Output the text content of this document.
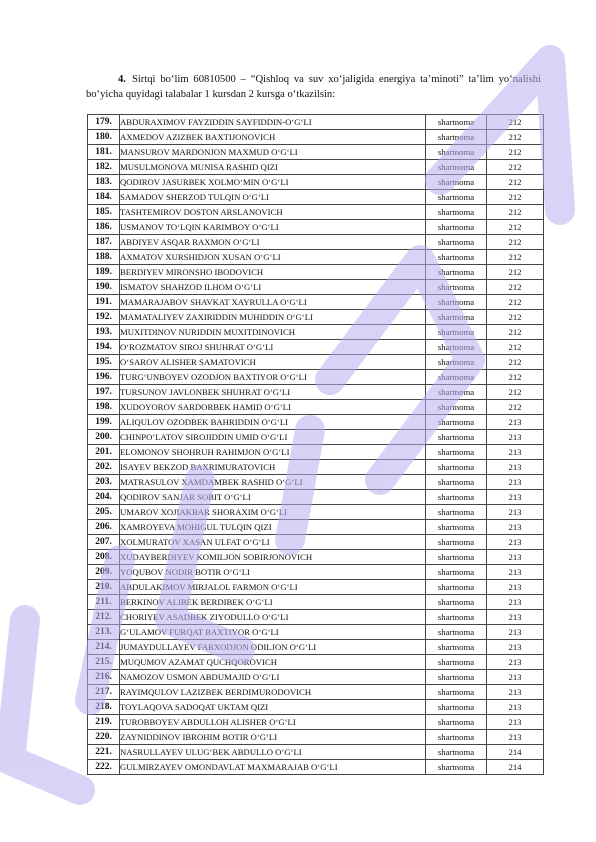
4. Sirtqi bo‘lim 60810500 – “Qishloq va suv xo‘jaligida energiya ta’minoti” ta’lim yo‘nalishi bo‘yicha quyidagi talabalar 1 kursdan 2 kursga o‘tkazilsin:
179.	ABDURAXIMOV FAYZIDDIN SAYFIDDIN-O‘G‘LI	shartnoma	212
180.	AXMEDOV AZIZBEK BAXTIJONOVICH	shartnoma	212
181.	MANSUROV MARDONJON MAXMUD O‘G‘LI	shartnoma	212
182.	MUSULMONOVA MUNISA RASHID QIZI	shartnoma	212
183.	QODIROV JASURBEK XOLMO‘MIN O‘G‘LI	shartnoma	212
184.	SAMADOV SHERZOD TULQIN O‘G‘LI	shartnoma	212
185.	TASHTEMIROV DOSTON ARSLANOVICH	shartnoma	212
186.	USMANOV TO‘LQIN KARIMBOY O‘G‘LI	shartnoma	212
187.	ABDIYEV ASQAR RAXMON O‘G‘LI	shartnoma	212
188.	AXMATOV XURSHIDJON XUSAN O‘G‘LI	shartnoma	212
189.	BERDIYEV MIRONSHO IBODOVICH	shartnoma	212
190.	ISMATOV SHAHZOD ILHOM O‘G‘LI	shartnoma	212
191.	MAMARAJABOV SHAVKAT XAYRULLA O‘G‘LI	shartnoma	212
192.	MAMATALIYEV ZAXIRIDDIN MUHIDDIN O‘G‘LI	shartnoma	212
193.	MUXITDINOV NURIDDIN MUXITDINOVICH	shartnoma	212
194.	O‘ROZMATOV SIROJ SHUHRAT O‘G‘LI	shartnoma	212
195.	O‘SAROV ALISHER SAMATOVICH	shartnoma	212
196.	TURG‘UNBOYEV OZODJON BAXTIYOR O‘G‘LI	shartnoma	212
197.	TURSUNOV JAVLONBEK SHUHRAT O‘G‘LI	shartnoma	212
198.	XUDOYOROV SARDORBEK HAMID O‘G‘LI	shartnoma	212
199.	ALIQULOV OZODBEK BAHRIDDIN O‘G‘LI	shartnoma	213
200.	CHINPO‘LATOV SIROJIDDIN UMID O‘G‘LI	shartnoma	213
201.	ELOMONOV SHOHRUH RAHIMJON O‘G‘LI	shartnoma	213
202.	ISAYEV BEKZOD BAXRIMURATOVICH	shartnoma	213
203.	MATRASULOV XAMDAMBEK RASHID O‘G‘LI	shartnoma	213
204.	QODIROV SANJAR SOBIT O‘G‘LI	shartnoma	213
205.	UMAROV XOJIAKBAR SHORAXIM O‘G‘LI	shartnoma	213
206.	XAMROYEVA MOHIGUL TULQIN QIZI	shartnoma	213
207.	XOLMURATOV XASAN ULFAT O‘G‘LI	shartnoma	213
208.	XUDAYBERDIYEV KOMILJON SOBIRJONOVICH	shartnoma	213
209.	YOQUBOV NODIR BOTIR O‘G‘LI	shartnoma	213
210.	ABDULAKIMOV MIRJALOL FARMON O‘G‘LI	shartnoma	213
211.	BERKINOV ALIBEK BERDIBEK O‘G‘LI	shartnoma	213
212.	CHORIYEV ASADBEK ZIYODULLO O‘G‘LI	shartnoma	213
213.	G‘ULAMOV FURQAT BAXTIYOR O‘G‘LI	shartnoma	213
214.	JUMAYDULLAYEV FARXODJON ODILJON O‘G‘LI	shartnoma	213
215.	MUQUMOV AZAMAT QUCHQOROVICH	shartnoma	213
216.	NAMOZOV USMON ABDUMAJID O‘G‘LI	shartnoma	213
217.	RAYIMQULOV LAZIZBEK BERDIMURODOVICH	shartnoma	213
218.	TOYLAQOVA SADOQAT UKTAM QIZI	shartnoma	213
219.	TUROBBOYEV ABDULLOH ALISHER O‘G‘LI	shartnoma	213
220.	ZAYNIDDINOV IBROHIM BOTIR O‘G‘LI	shartnoma	213
221.	NASRULLAYEV ULUG‘BEK ABDULLO O‘G‘LI	shartnoma	214
222.	GULMIRZAYEV OMONDAVLAT MAXMARAJAB O‘G‘LI	shartnoma	214
